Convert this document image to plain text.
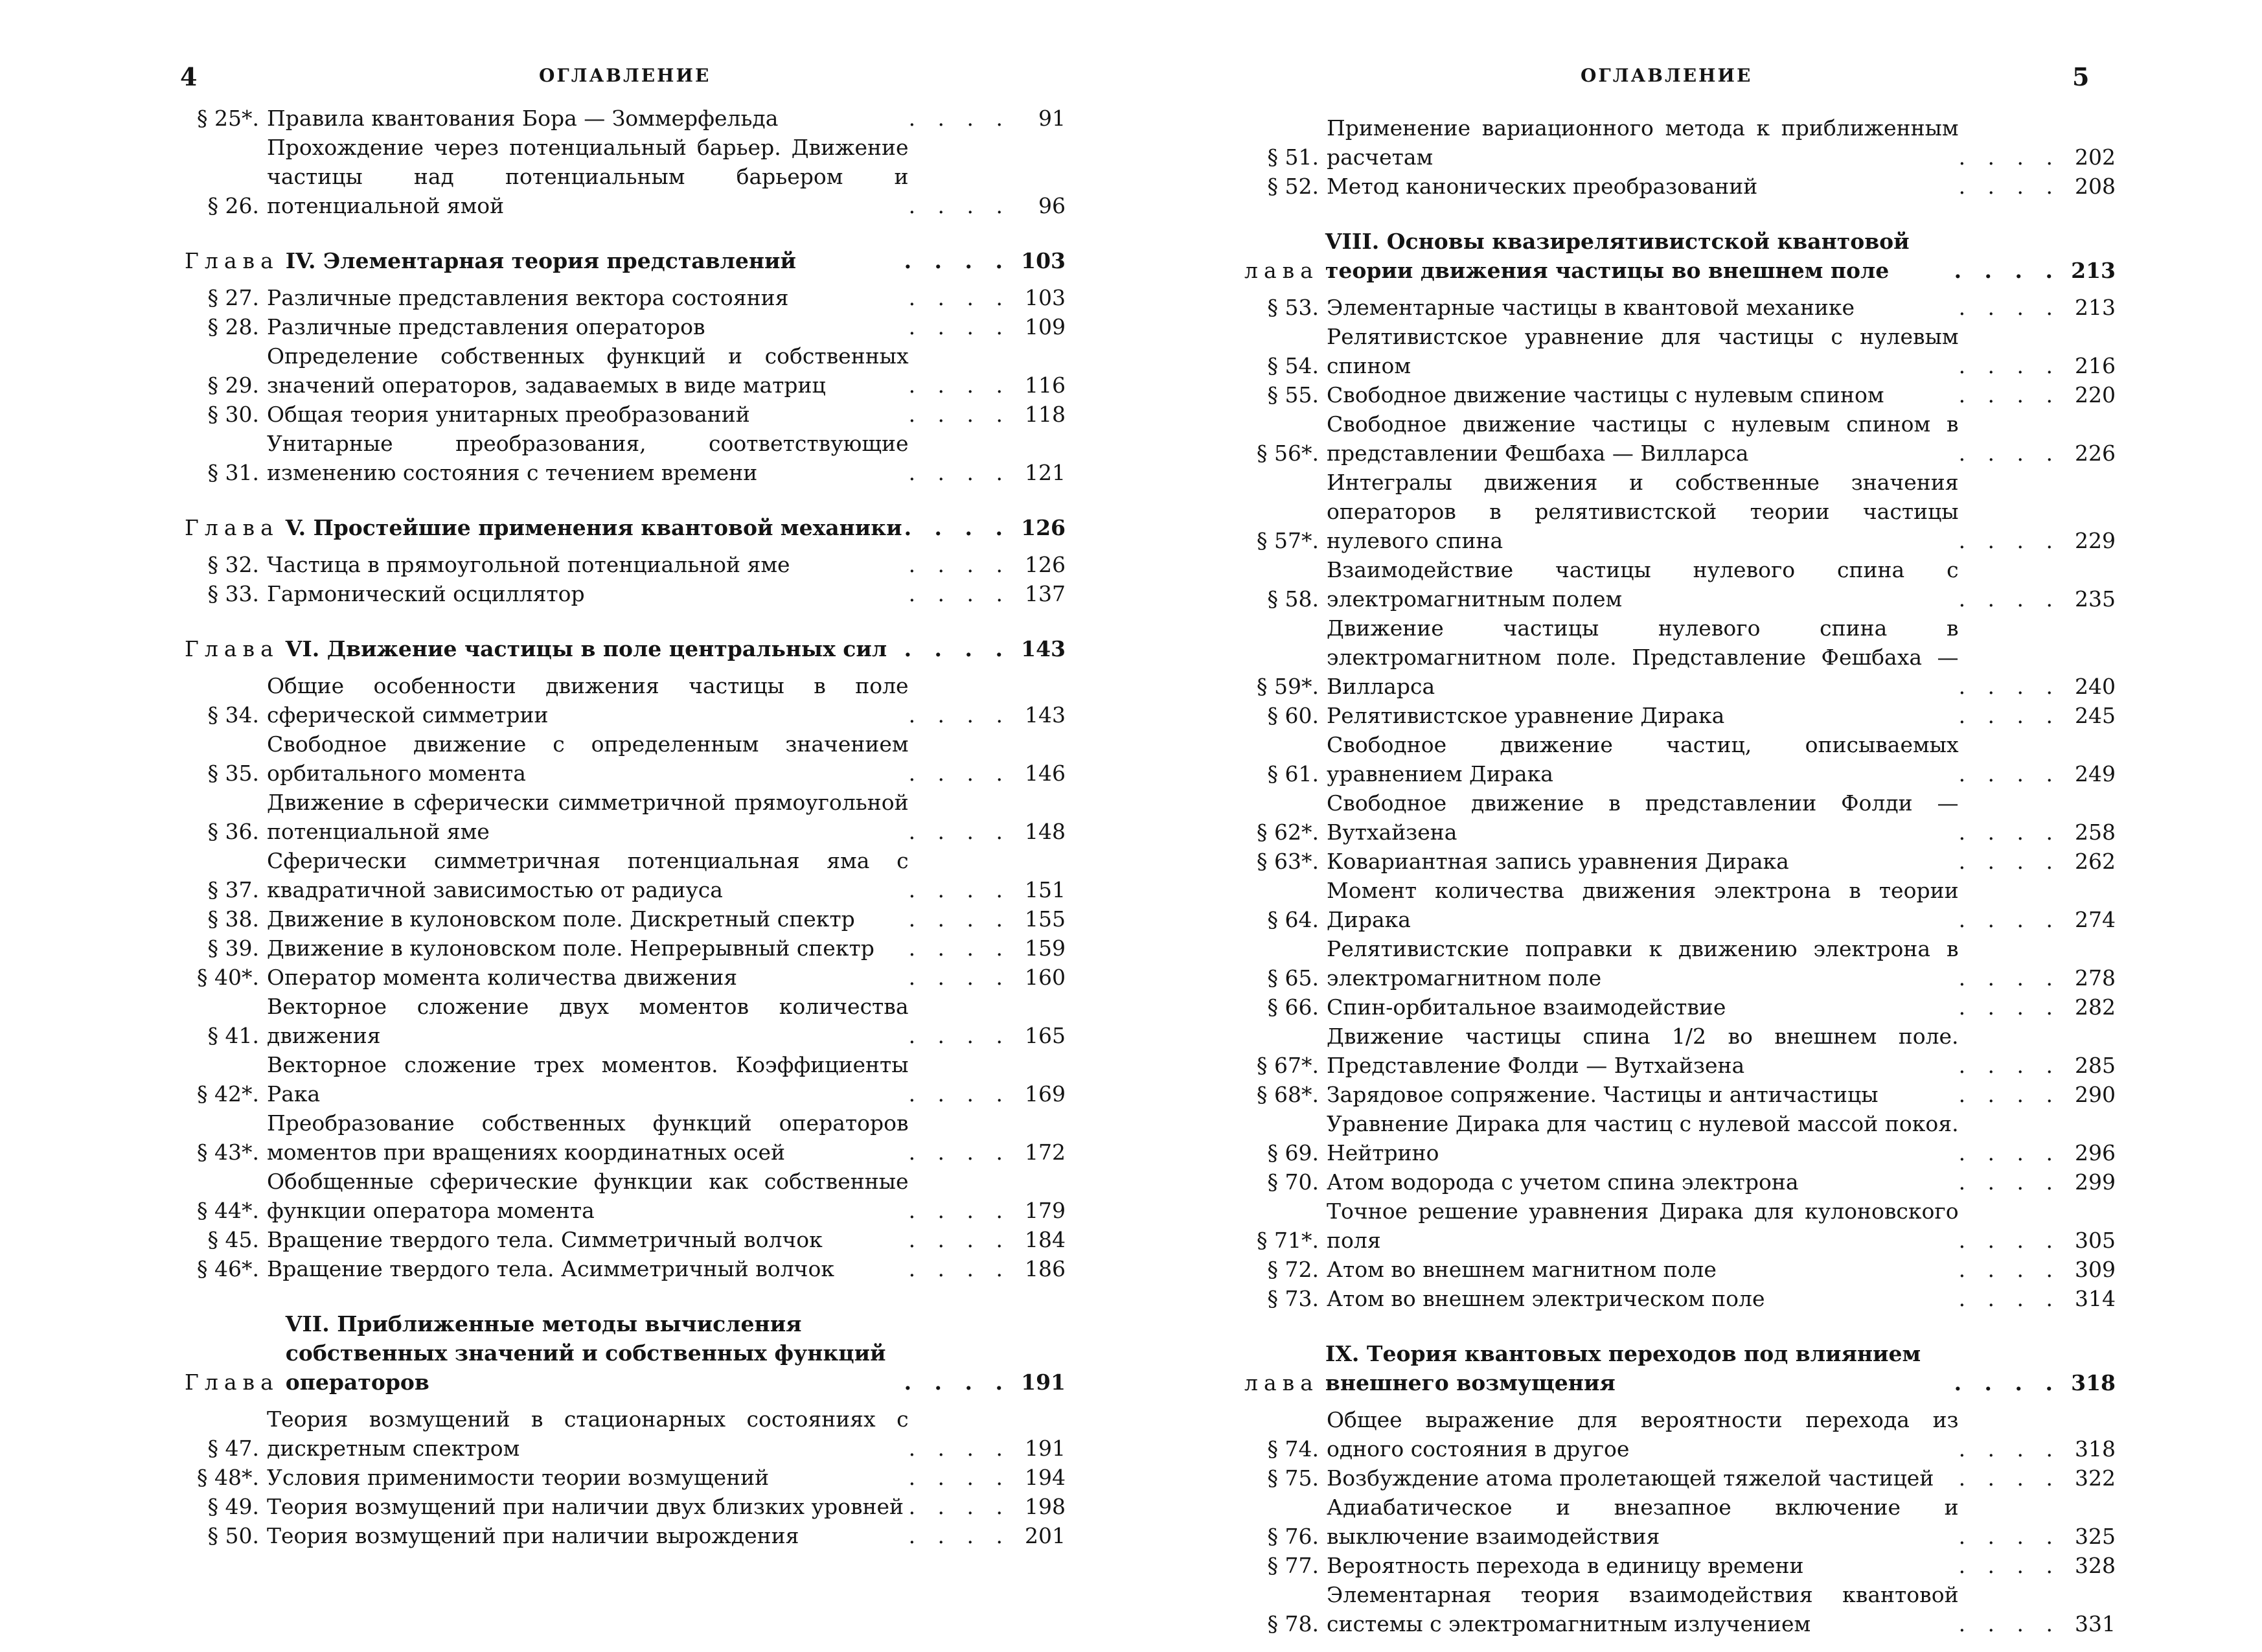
4	ОГЛАВЛЕНИЕ
§ 25*. Правила квантования Бора — Зоммерфельда	. . . .	91
§ 26.
Прохождение через потенциальный барьер. Движение частицы над потенциальным барьером и потенциальной ямой	. . . .	96
Глава IV. Элементарная теория представлений	. . . . 103
§ 27. Различные представления вектора состояния	. . . . 103
§ 28. Различные представления операторов	. . . . 109
§ 29.
Определение собственных функций и собственных значений операторов, задаваемых в виде матриц	. . . . 116
§ 30. Общая теория унитарных преобразований	. . . . 118
§ 31.
Унитарные преобразования, соответствующие изменению состояния с течением времени	. . . . 121
Глава V. Простейшие применения квантовой механики . . . . 126
§ 32. Частица в прямоугольной потенциальной яме	. . . . 126
§ 33. Гармонический осциллятор	. . . . 137
Глава VI. Движение частицы в поле центральных сил . . . . 143
§ 34.
Общие особенности движения частицы в поле сферической симметрии	. . . . 143
§ 35.
Свободное движение с определенным значением орбитального момента	. . . . 146
§ 36.
Движение в сферически симметричной прямоугольной потенциальной яме	. . . . 148
§ 37.
Сферически симметричная потенциальная яма с квадратичной зависимостью от радиуса	. . . . 151
§ 38. Движение в кулоновском поле. Дискретный спектр	. . . . 155
§ 39. Движение в кулоновском поле. Непрерывный спектр	. . . . 159
§ 40*. Оператор момента количества движения	. . . . 160
§ 41.
Векторное сложение двух моментов количества движения	. . . . 165
§ 42*.
Векторное сложение трех моментов. Коэффициенты Рака	. . . . 169
§ 43*.
Преобразование собственных функций операторов моментов при вращениях координатных осей	. . . . 172
§ 44*.
Обобщенные сферические функции как собственные функции оператора момента	. . . . 179
§ 45. Вращение твердого тела. Симметричный волчок	. . . . 184
§ 46*. Вращение твердого тела. Асимметричный волчок	. . . . 186
Глава
VII. Приближенные методы вычисления собственных значений и собственных функций операторов	. . . . 191
§ 47.
Теория возмущений в стационарных состояниях с дискретным спектром	. . . . 191
§ 48*. Условия применимости теории возмущений	. . . . 194
§ 49. Теория возмущений при наличии двух близких уровней . . . . 198
§ 50. Теория возмущений при наличии вырождения	. . . . 201
ОГЛАВЛЕНИЕ	5
§ 51.
Применение вариационного метода к приближенным расчетам	. . . . 202
§ 52. Метод канонических преобразований	. . . . 208
лава
VIII. Основы квазирелятивистской квантовой теории движения частицы во внешнем поле	. . . . 213
§ 53. Элементарные частицы в квантовой механике	. . . . 213
§ 54.
Релятивистское уравнение для частицы с нулевым спином	. . . . 216
§ 55. Свободное движение частицы с нулевым спином	. . . . 220
§ 56*.
Свободное движение частицы с нулевым спином в представлении Фешбаха — Вилларса	. . . . 226
§ 57*.
Интегралы движения и собственные значения операторов в релятивистской теории частицы нулевого спина	. . . . 229
§ 58.
Взаимодействие частицы нулевого спина с электромагнитным полем	. . . . 235
§ 59*.
Движение частицы нулевого спина в электромагнитном поле. Представление Фешбаха — Вилларса	. . . . 240
§ 60. Релятивистское уравнение Дирака	. . . . 245
§ 61.
Свободное движение частиц, описываемых уравнением Дирака	. . . . 249
§ 62*.
Свободное движение в представлении Фолди — Вутхайзена	. . . . 258
§ 63*. Ковариантная запись уравнения Дирака	. . . . 262
§ 64.
Момент количества движения электрона в теории Дирака	. . . . 274
§ 65.
Релятивистские поправки к движению электрона в электромагнитном поле	. . . . 278
§ 66. Спин-орбитальное взаимодействие	. . . . 282
§ 67*.
Движение частицы спина 1/2 во внешнем поле. Представление Фолди — Вутхайзена	. . . . 285
§ 68*. Зарядовое сопряжение. Частицы и античастицы	. . . . 290
§ 69.
Уравнение Дирака для частиц с нулевой массой покоя. Нейтрино	. . . . 296
§ 70. Атом водорода с учетом спина электрона	. . . . 299
§ 71*.
Точное решение уравнения Дирака для кулоновского поля	. . . . 305
§ 72. Атом во внешнем магнитном поле	. . . . 309
§ 73. Атом во внешнем электрическом поле	. . . . 314
лава
IX. Теория квантовых переходов под влиянием внешнего возмущения	. . . . 318
§ 74.
Общее выражение для вероятности перехода из одного состояния в другое	. . . . 318
§ 75. Возбуждение атома пролетающей тяжелой частицей	. . . . 322
§ 76.
Адиабатическое и внезапное включение и выключение взаимодействия	. . . . 325
§ 77. Вероятность перехода в единицу времени	. . . . 328
§ 78.
Элементарная теория взаимодействия квантовой системы с электромагнитным излучением	. . . . 331
